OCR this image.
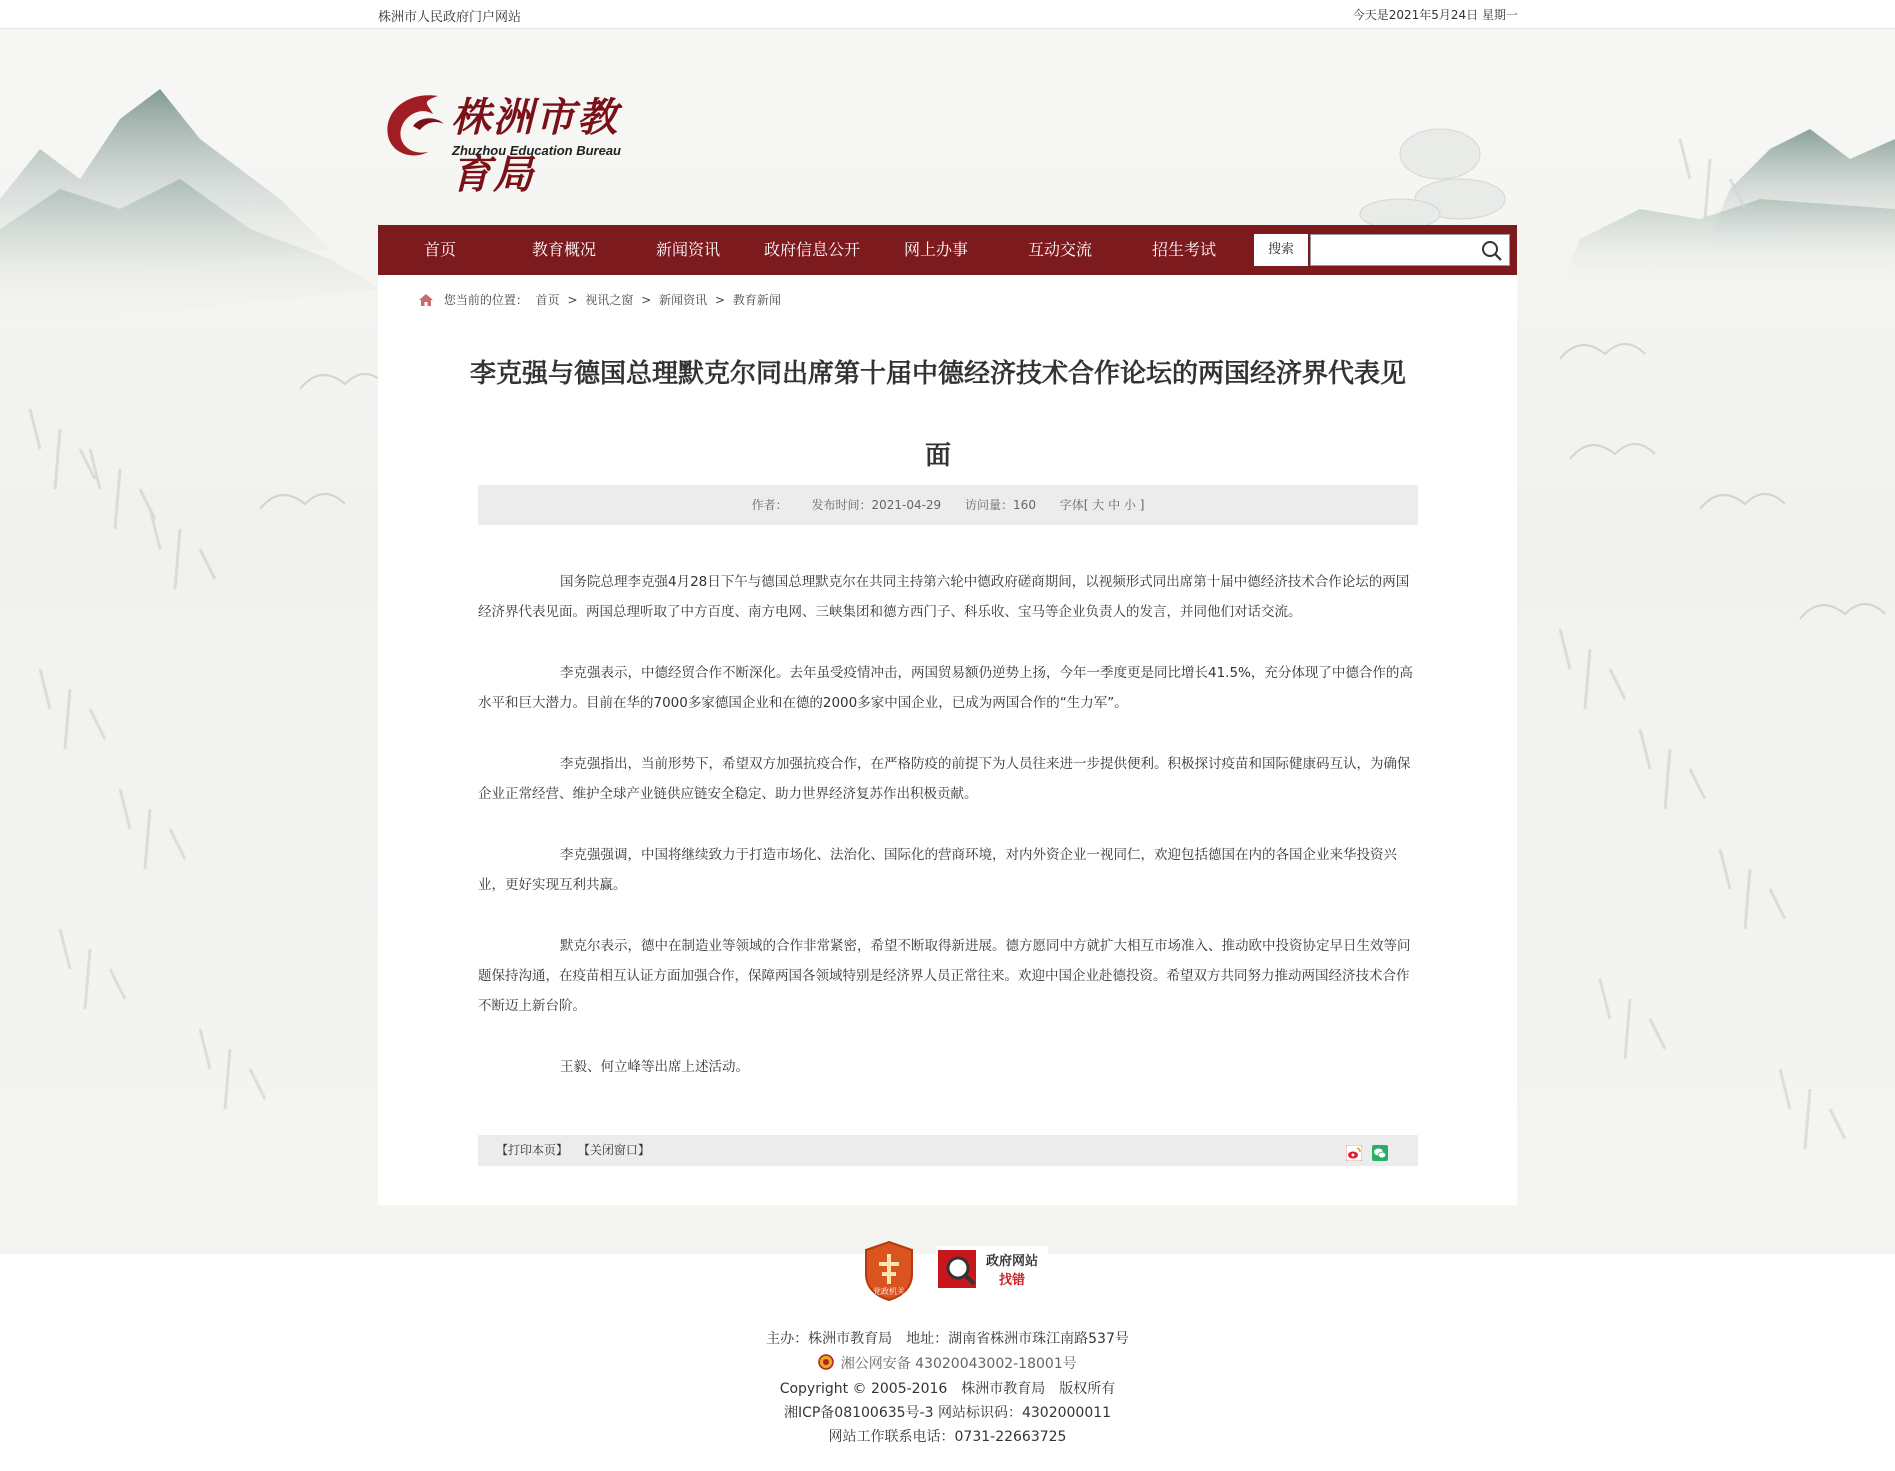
株洲市人民政府门户网站	今天是2021年5月24日 星期一
株洲市教育局
Zhuzhou Education Bureau
首页	教育概况	新闻资讯	政府信息公开	网上办事	互动交流	招生考试	搜索
您当前的位置： 首页 > 视讯之窗 > 新闻资讯 > 教育新闻
李克强与德国总理默克尔同出席第十届中德经济技术合作论坛的两国经济界代表见面
作者： 发布时间：2021-04-29 访问量：160 字体[ 大 中 小 ]

国务院总理李克强4月28日下午与德国总理默克尔在共同主持第六轮中德政府磋商期间，以视频形式同出席第十届中德经济技术合作论坛的两国经济界代表见面。两国总理听取了中方百度、南方电网、三峡集团和德方西门子、科乐收、宝马等企业负责人的发言，并同他们对话交流。

李克强表示，中德经贸合作不断深化。去年虽受疫情冲击，两国贸易额仍逆势上扬，今年一季度更是同比增长41.5%，充分体现了中德合作的高水平和巨大潜力。目前在华的7000多家德国企业和在德的2000多家中国企业，已成为两国合作的“生力军”。

李克强指出，当前形势下，希望双方加强抗疫合作，在严格防疫的前提下为人员往来进一步提供便利。积极探讨疫苗和国际健康码互认，为确保企业正常经营、维护全球产业链供应链安全稳定、助力世界经济复苏作出积极贡献。

李克强强调，中国将继续致力于打造市场化、法治化、国际化的营商环境，对内外资企业一视同仁，欢迎包括德国在内的各国企业来华投资兴业，更好实现互利共赢。

默克尔表示，德中在制造业等领域的合作非常紧密，希望不断取得新进展。德方愿同中方就扩大相互市场准入、推动欧中投资协定早日生效等问题保持沟通，在疫苗相互认证方面加强合作，保障两国各领域特别是经济界人员正常往来。欢迎中国企业赴德投资。希望双方共同努力推动两国经济技术合作不断迈上新台阶。

王毅、何立峰等出席上述活动。

【打印本页】 【关闭窗口】

党政机关
政府网站
找错
主办：株洲市教育局　地址：湖南省株洲市珠江南路537号
湘公网安备 43020043002-18001号
Copyright © 2005-2016　株洲市教育局　版权所有
湘ICP备08100635号-3 网站标识码：4302000011
网站工作联系电话：0731-22663725
